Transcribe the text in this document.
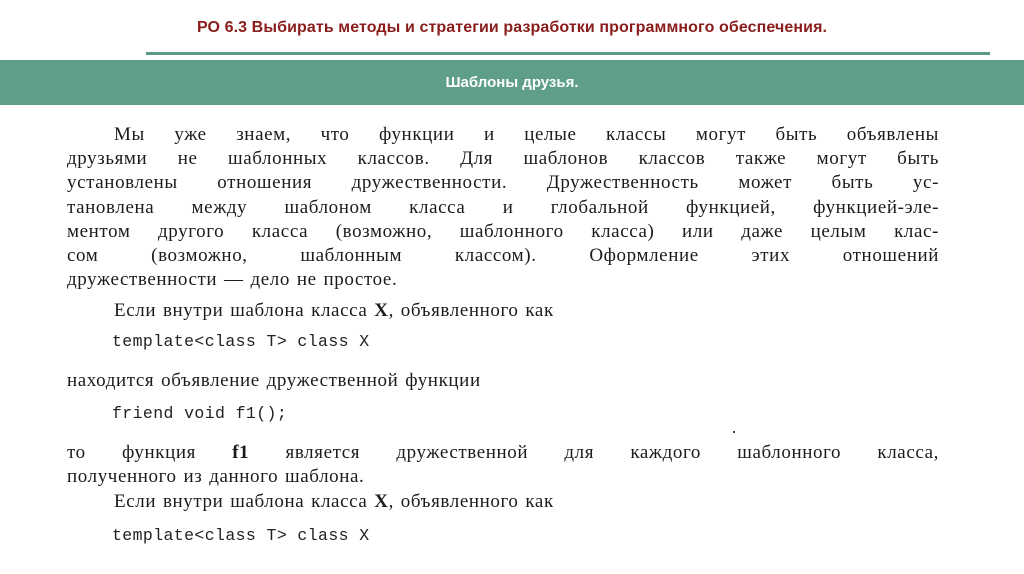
РО 6.3 Выбирать методы и стратегии разработки программного обеспечения.
Шаблоны друзья.

Мы уже знаем, что функции и целые классы могут быть объявлены
друзьями не шаблонных классов. Для шаблонов классов также могут быть
установлены отношения дружественности. Дружественность может быть ус-
тановлена между шаблоном класса и глобальной функцией, функцией-эле-
ментом другого класса (возможно, шаблонного класса) или даже целым клас-
сом (возможно, шаблонным классом). Оформление этих отношений
дружественности — дело не простое.

Если внутри шаблона класса X, объявленного как

template<class T> class X

находится объявление дружественной функции

friend void f1();

то функция f1 является дружественной для каждого шаблонного класса,
полученного из данного шаблона.

Если внутри шаблона класса X, объявленного как

template<class T> class X
